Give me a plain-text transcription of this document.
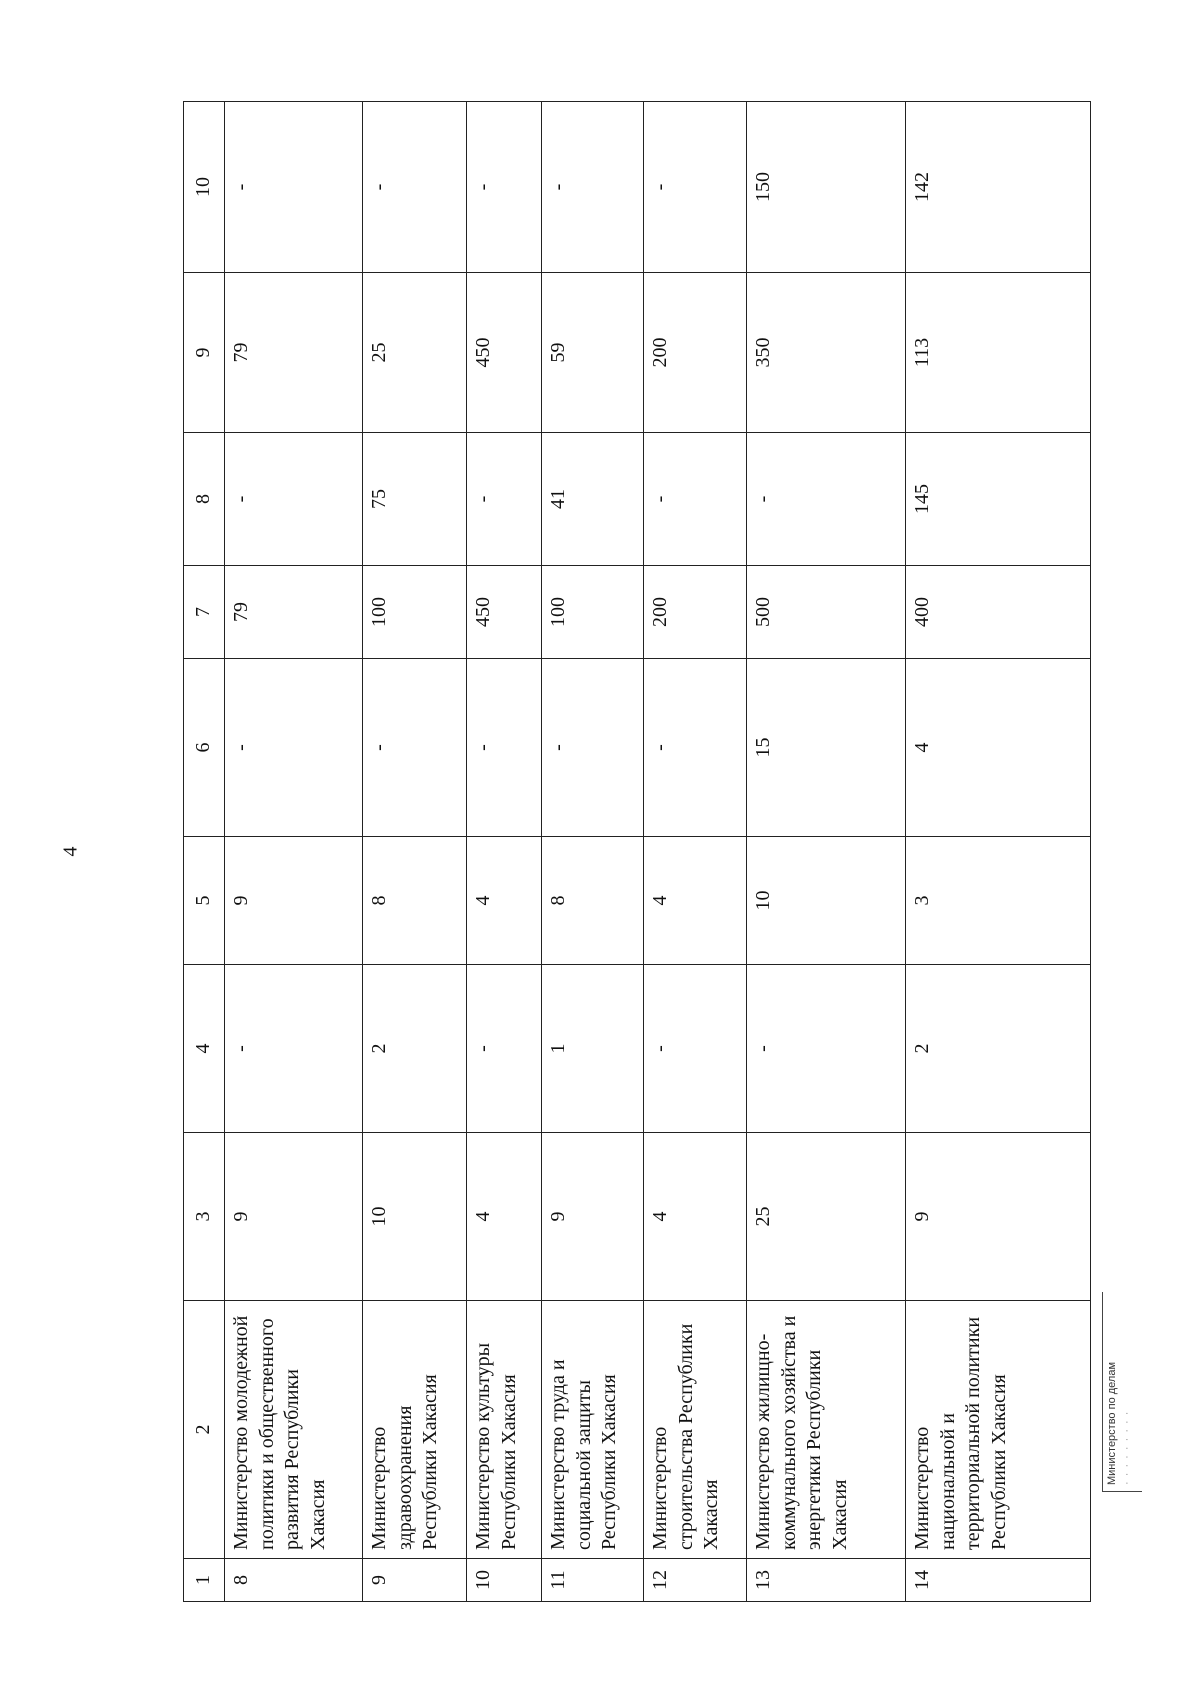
4
1	2	3	4	5	6	7	8	9	10
8	Министерство молодежной политики и общественного развития Республики Хакасия	9	-	9	-	79	-	79	-
9	Министерство здравоохранения Республики Хакасия	10	2	8	-	100	75	25	-
10	Министерство культуры Республики Хакасия	4	-	4	-	450	-	450	-
11	Министерство труда и социальной защиты Республики Хакасия	9	1	8	-	100	41	59	-
12	Министерство строительства Республики Хакасия	4	-	4	-	200	-	200	-
13	Министерство жилищно-коммунального хозяйства и энергетики Республики Хакасия	25	-	10	15	500	-	350	150
14	Министерство национальной и территориальной политики Республики Хакасия	9	2	3	4	400	145	113	142
Министерство по делам · · · · · · · · ·
